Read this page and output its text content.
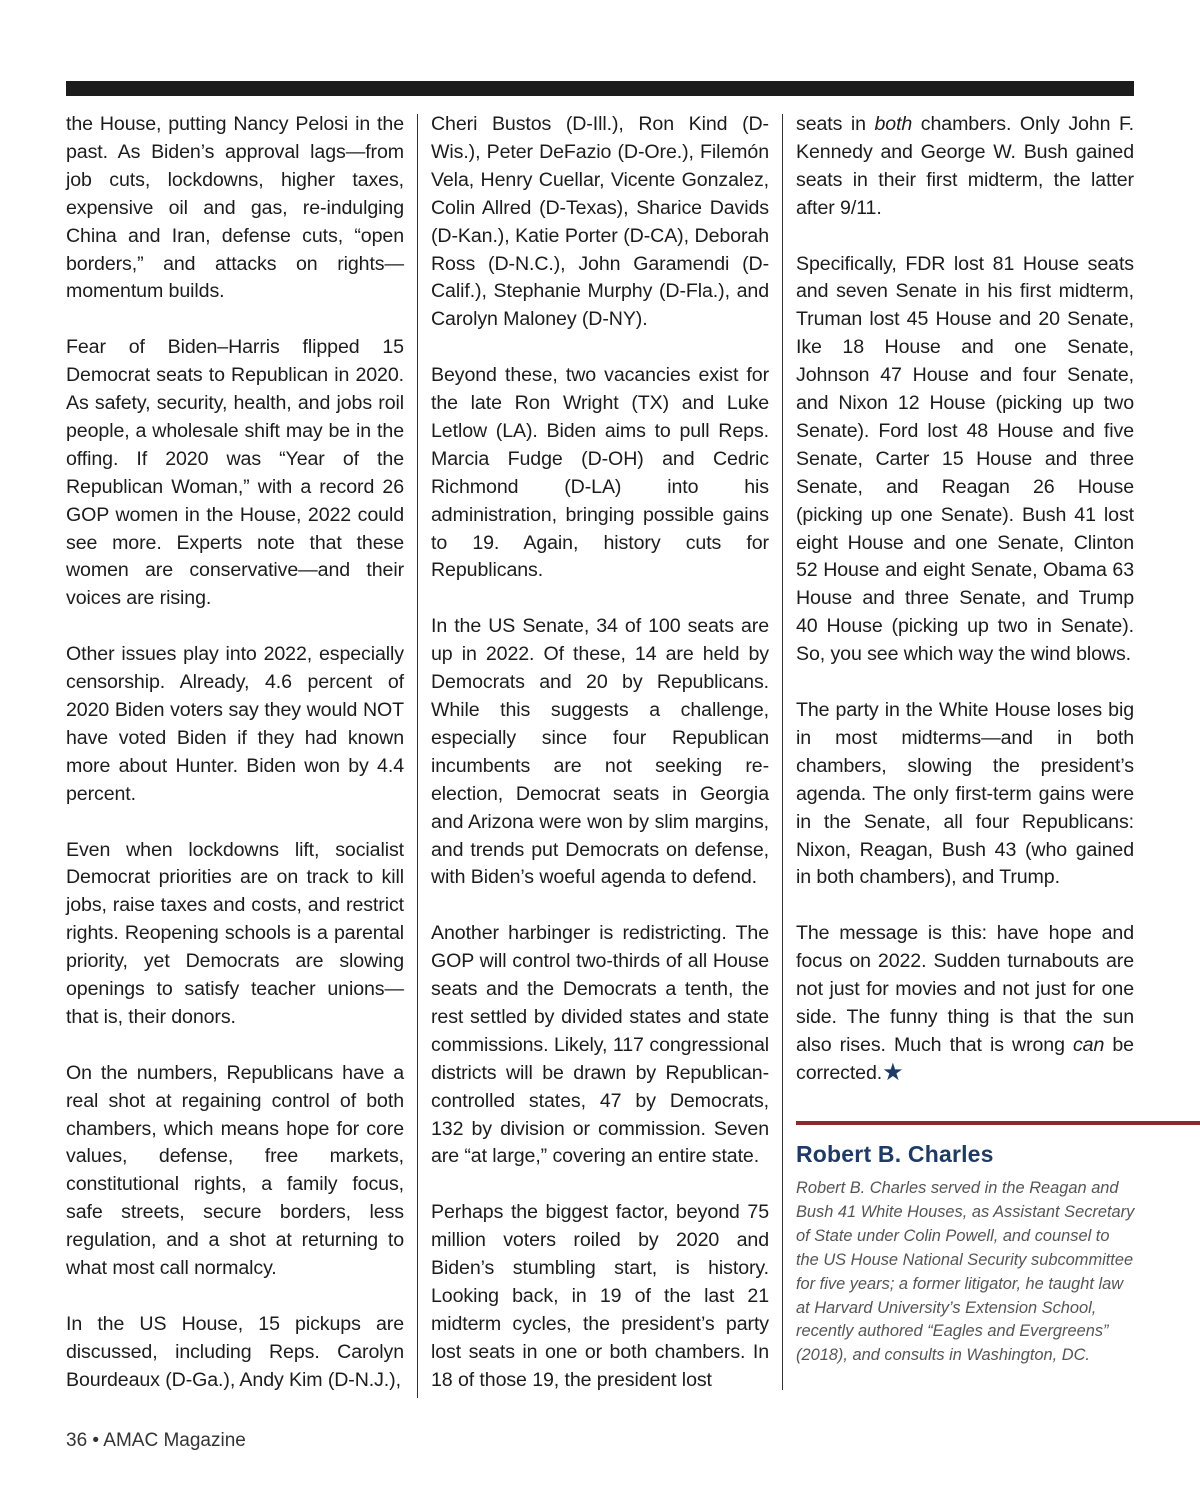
the House, putting Nancy Pelosi in the past. As Biden’s approval lags—from job cuts, lockdowns, higher taxes, expensive oil and gas, re-indulging China and Iran, defense cuts, “open borders,” and attacks on rights—momentum builds.

Fear of Biden–Harris flipped 15 Democrat seats to Republican in 2020. As safety, security, health, and jobs roil people, a wholesale shift may be in the offing. If 2020 was “Year of the Republican Woman,” with a record 26 GOP women in the House, 2022 could see more. Experts note that these women are conservative—and their voices are rising.

Other issues play into 2022, especially censorship. Already, 4.6 percent of 2020 Biden voters say they would NOT have voted Biden if they had known more about Hunter. Biden won by 4.4 percent.

Even when lockdowns lift, socialist Democrat priorities are on track to kill jobs, raise taxes and costs, and restrict rights. Reopening schools is a parental priority, yet Democrats are slowing openings to satisfy teacher unions—that is, their donors.

On the numbers, Republicans have a real shot at regaining control of both chambers, which means hope for core values, defense, free markets, constitutional rights, a family focus, safe streets, secure borders, less regulation, and a shot at returning to what most call normalcy.

In the US House, 15 pickups are discussed, including Reps. Carolyn Bourdeaux (D-Ga.), Andy Kim (D-N.J.),

Cheri Bustos (D-Ill.), Ron Kind (D-Wis.), Peter DeFazio (D-Ore.), Filemón Vela, Henry Cuellar, Vicente Gonzalez, Colin Allred (D-Texas), Sharice Davids (D-Kan.), Katie Porter (D-CA), Deborah Ross (D-N.C.), John Garamendi (D-Calif.), Stephanie Murphy (D-Fla.), and Carolyn Maloney (D-NY).

Beyond these, two vacancies exist for the late Ron Wright (TX) and Luke Letlow (LA). Biden aims to pull Reps. Marcia Fudge (D-OH) and Cedric Richmond (D-LA) into his administration, bringing possible gains to 19. Again, history cuts for Republicans.

In the US Senate, 34 of 100 seats are up in 2022. Of these, 14 are held by Democrats and 20 by Republicans. While this suggests a challenge, especially since four Republican incumbents are not seeking re-election, Democrat seats in Georgia and Arizona were won by slim margins, and trends put Democrats on defense, with Biden’s woeful agenda to defend.

Another harbinger is redistricting. The GOP will control two-thirds of all House seats and the Democrats a tenth, the rest settled by divided states and state commissions. Likely, 117 congressional districts will be drawn by Republican-controlled states, 47 by Democrats, 132 by division or commission. Seven are “at large,” covering an entire state.

Perhaps the biggest factor, beyond 75 million voters roiled by 2020 and Biden’s stumbling start, is history. Looking back, in 19 of the last 21 midterm cycles, the president’s party lost seats in one or both chambers. In 18 of those 19, the president lost

seats in both chambers. Only John F. Kennedy and George W. Bush gained seats in their first midterm, the latter after 9/11.

Specifically, FDR lost 81 House seats and seven Senate in his first midterm, Truman lost 45 House and 20 Senate, Ike 18 House and one Senate, Johnson 47 House and four Senate, and Nixon 12 House (picking up two Senate). Ford lost 48 House and five Senate, Carter 15 House and three Senate, and Reagan 26 House (picking up one Senate). Bush 41 lost eight House and one Senate, Clinton 52 House and eight Senate, Obama 63 House and three Senate, and Trump 40 House (picking up two in Senate). So, you see which way the wind blows.

The party in the White House loses big in most midterms—and in both chambers, slowing the president’s agenda. The only first-term gains were in the Senate, all four Republicans: Nixon, Reagan, Bush 43 (who gained in both chambers), and Trump.

The message is this: have hope and focus on 2022. Sudden turnabouts are not just for movies and not just for one side. The funny thing is that the sun also rises. Much that is wrong can be corrected.★

Robert B. Charles

Robert B. Charles served in the Reagan and Bush 41 White Houses, as Assistant Secretary of State under Colin Powell, and counsel to the US House National Security subcommittee for five years; a former litigator, he taught law at Harvard University’s Extension School, recently authored “Eagles and Evergreens” (2018), and consults in Washington, DC.

36 • AMAC Magazine
